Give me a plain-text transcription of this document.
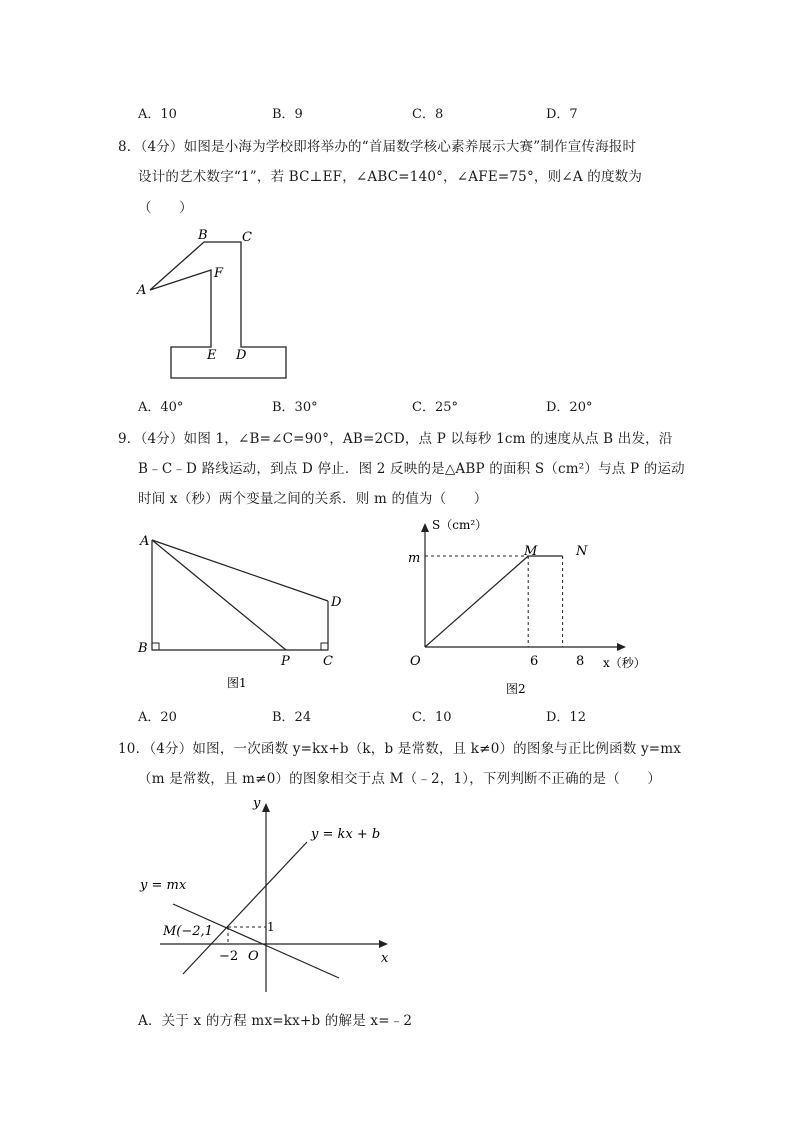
A．10	B．9	C．8	D．7
8．（4分）如图是小海为学校即将举办的“首届数学核心素养展示大赛”制作宣传海报时
设计的艺术数字“1”，若 BC⊥EF，∠ABC=140°，∠AFE=75°，则∠A 的度数为
（　　）
B	C
F
A
E D
A．40°	B．30°	C．25°	D．20°
9．（4分）如图 1，∠B=∠C=90°，AB=2CD，点 P 以每秒 1cm 的速度从点 B 出发，沿
B﹣C﹣D 路线运动，到点 D 停止．图 2 反映的是△ABP 的面积 S（cm²）与点 P 的运动
时间 x（秒）两个变量之间的关系．则 m 的值为（　　）
A
B
P	C
D
图1
S（cm²）
m
O
M	N
6	8 x（秒）
图2
A．20	B．24	C．10	D．12
10．（4分）如图，一次函数 y=kx+b（k，b 是常数，且 k≠0）的图象与正比例函数 y=mx
（m 是常数，且 m≠0）的图象相交于点 M（﹣2，1），下列判断不正确的是（　　）
y
x
y = kx + b
y = mx
M(−2,1	1
−2 O
A．关于 x 的方程 mx=kx+b 的解是 x=﹣2
